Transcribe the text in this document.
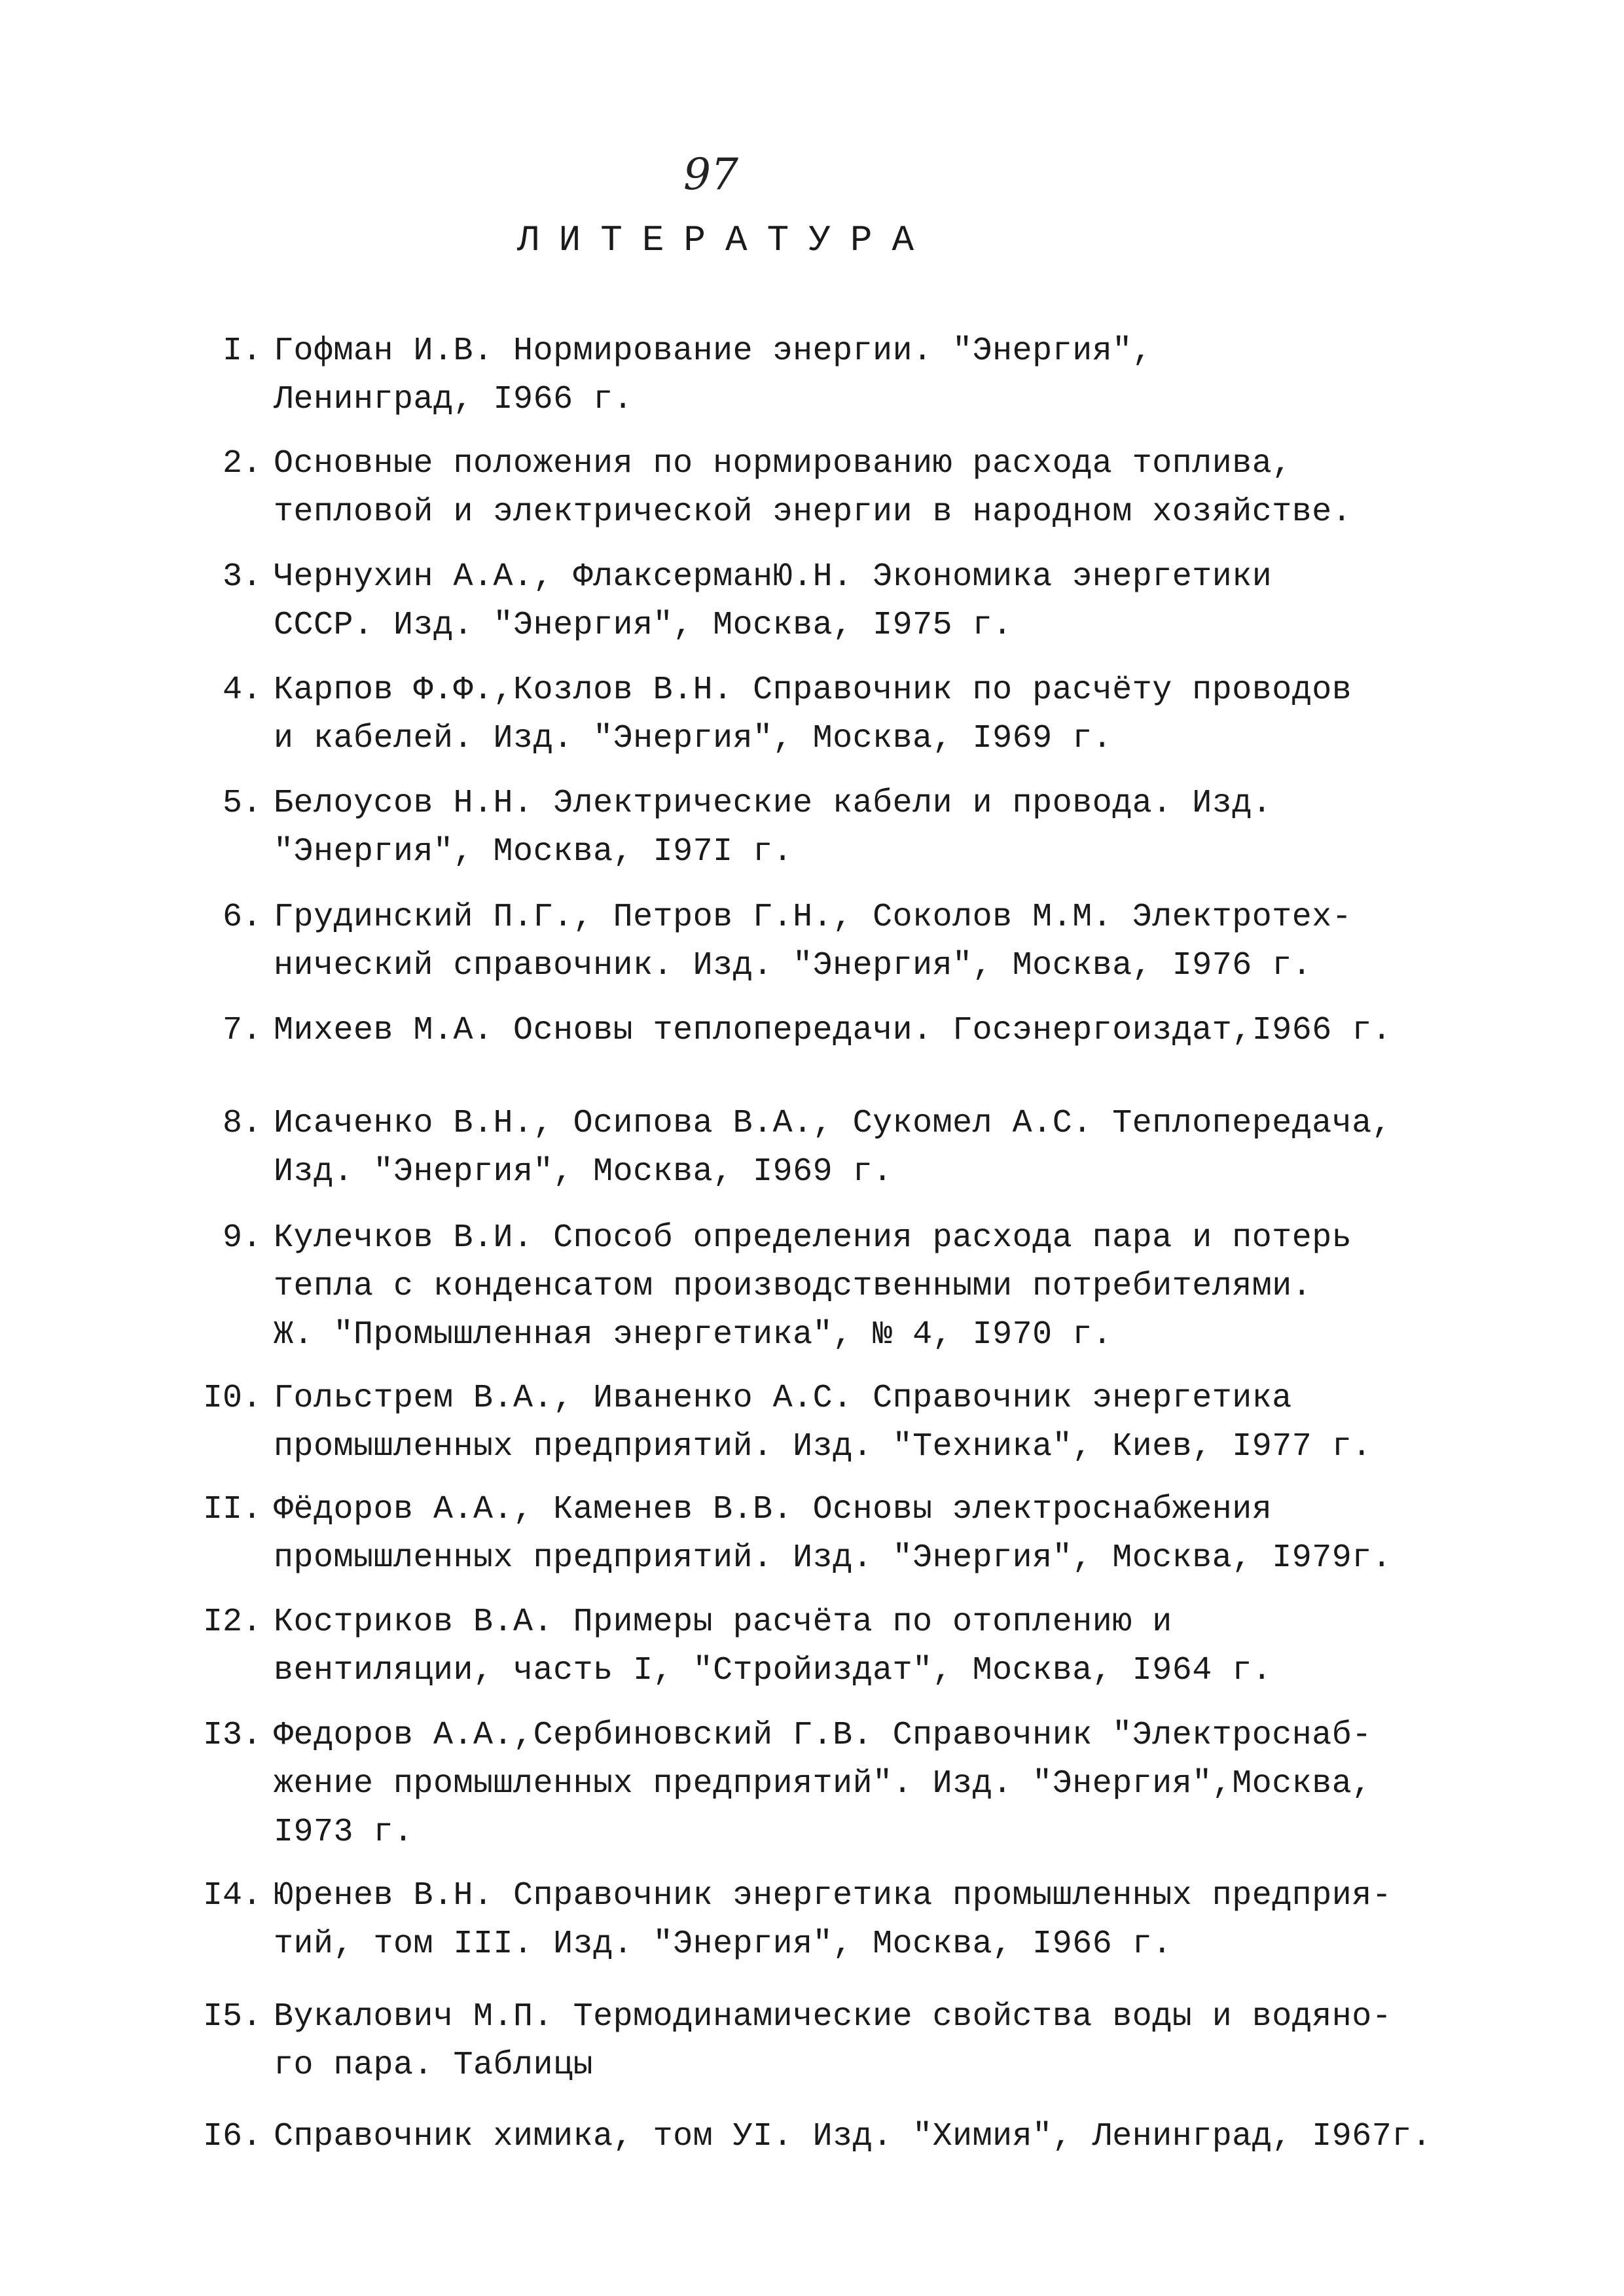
97
ЛИТЕРАТУРА
I. Гофман И.В. Нормирование энергии. "Энергия",
Ленинград, I966 г.
2. Основные положения по нормированию расхода топлива,
тепловой и электрической энергии в народном хозяйстве.
3. Чернухин А.А., ФлаксерманЮ.Н. Экономика энергетики
СССР. Изд. "Энергия", Москва, I975 г.
4. Карпов Ф.Ф.,Козлов В.Н. Справочник по расчёту проводов
и кабелей. Изд. "Энергия", Москва, I969 г.
5. Белоусов Н.Н. Электрические кабели и провода. Изд.
"Энергия", Москва, I97I г.
6. Грудинский П.Г., Петров Г.Н., Соколов М.М. Электротех-
нический справочник. Изд. "Энергия", Москва, I976 г.
7. Михеев М.А. Основы теплопередачи. Госэнергоиздат,I966 г.
8. Исаченко В.Н., Осипова В.А., Сукомел А.С. Теплопередача,
Изд. "Энергия", Москва, I969 г.
9. Кулечков В.И. Способ определения расхода пара и потерь
тепла с конденсатом производственными потребителями.
Ж. "Промышленная энергетика", № 4, I970 г.
I0. Гольстрем В.А., Иваненко А.С. Справочник энергетика
промышленных предприятий. Изд. "Техника", Киев, I977 г.
II. Фёдоров А.А., Каменев В.В. Основы электроснабжения
промышленных предприятий. Изд. "Энергия", Москва, I979г.
I2. Костриков В.А. Примеры расчёта по отоплению и
вентиляции, часть I, "Стройиздат", Москва, I964 г.
I3. Федоров А.А.,Сербиновский Г.В. Справочник "Электроснаб-
жение промышленных предприятий". Изд. "Энергия",Москва,
I973 г.
I4. Юренев В.Н. Справочник энергетика промышленных предприя-
тий, том III. Изд. "Энергия", Москва, I966 г.
I5. Вукалович М.П. Термодинамические свойства воды и водяно-
го пара. Таблицы
I6. Справочник химика, том УI. Изд. "Химия", Ленинград, I967г.
